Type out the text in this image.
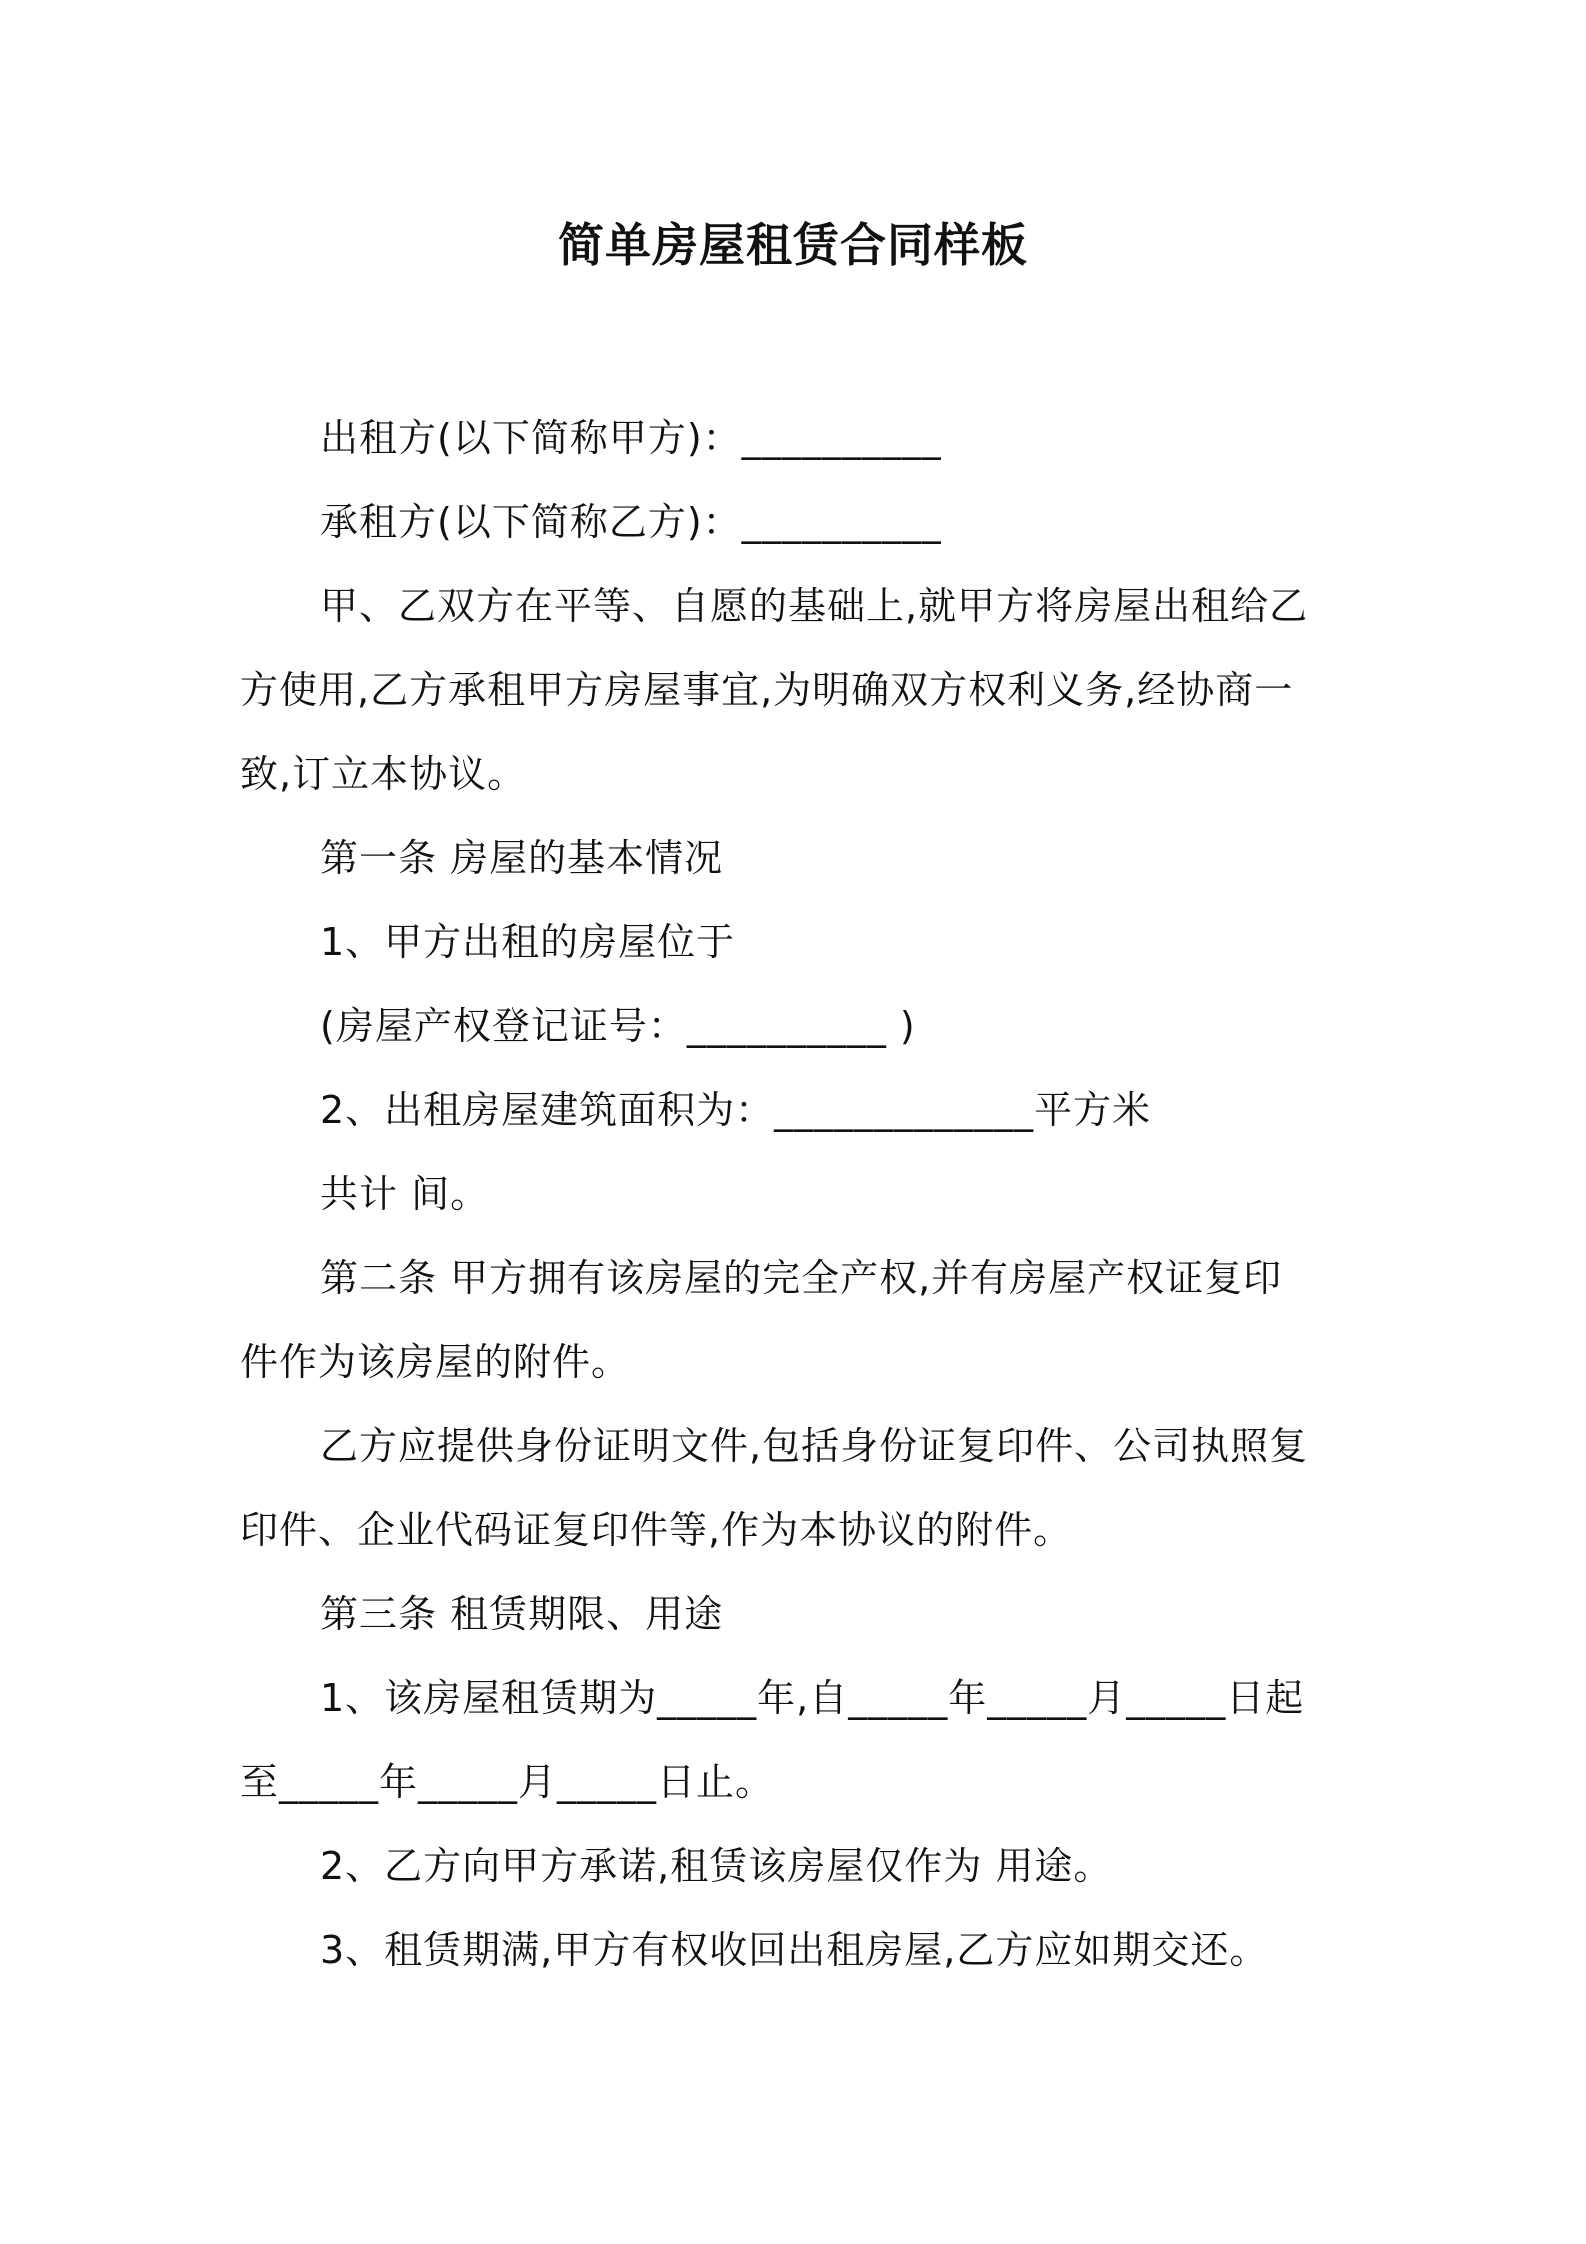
简单房屋租赁合同样板
出租方(以下简称甲方)：__________
承租方(以下简称乙方)：__________
甲、乙双方在平等、自愿的基础上,就甲方将房屋出租给乙
方使用,乙方承租甲方房屋事宜,为明确双方权利义务,经协商一
致,订立本协议。
第一条 房屋的基本情况
1、甲方出租的房屋位于
(房屋产权登记证号：__________ )
2、出租房屋建筑面积为：_____________平方米
共计 间。
第二条 甲方拥有该房屋的完全产权,并有房屋产权证复印
件作为该房屋的附件。
乙方应提供身份证明文件,包括身份证复印件、公司执照复
印件、企业代码证复印件等,作为本协议的附件。
第三条 租赁期限、用途
1、该房屋租赁期为_____年,自_____年_____月_____日起
至_____年_____月_____日止。
2、乙方向甲方承诺,租赁该房屋仅作为 用途。
3、租赁期满,甲方有权收回出租房屋,乙方应如期交还。
